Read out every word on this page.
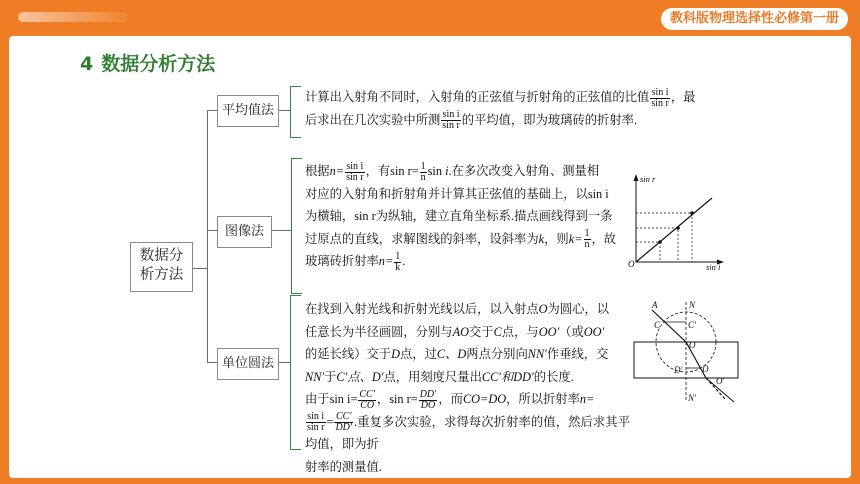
教科版物理选择性必修第一册
4 数据分析方法
数据分
析方法
平均值法
图像法
单位圆法
计算出入射角不同时，入射角的正弦值与折射角的正弦值的比值 $\frac{\text{sin i}}{\text{sin r}}$ ，最
后求出在几次实验中所测 $\frac{\text{sin i}}{\text{sin r}}$ 的平均值，即为玻璃砖的折射率.
根据$n= \frac{\text{sin i}}{\text{sin r}}$ ，有$\sin r= \frac{1}{n}$ sin i.在多次改变入射角、测量相
对应的入射角和折射角并计算其正弦值的基础上，以sin i
为横轴，sin r为纵轴，建立直角坐标系.描点画线得到一条
过原点的直线，求解图线的斜率，设斜率为k，则$k= \frac{1}{n}$ ，故
玻璃砖折射率$n= \frac{1}{k}$ .
sin r
sin i
O
在找到入射光线和折射光线以后，以入射点O为圆心，以
任意长为半径画圆，分别与AO交于C点，与OO′（或OO′
的延长线）交于D点，过C、D两点分别向NN′作垂线，交
NN′于C′点、D′点，用刻度尺量出CC′和DD′的长度.
由于$\sin i= \frac{CC'}{CO}$ ，$\sin r= \frac{DD'}{DO}$ ，而CO=DO，所以折射率n=

$\frac{\text{sin i}}{\text{sin r}} = \frac{CC'}{DD'}$ .重复多次实验，求得每次折射率的值，然后求其平均值，即为折
射率的测量值.
A	N
C	C′
O
D′ D
O′
N′
